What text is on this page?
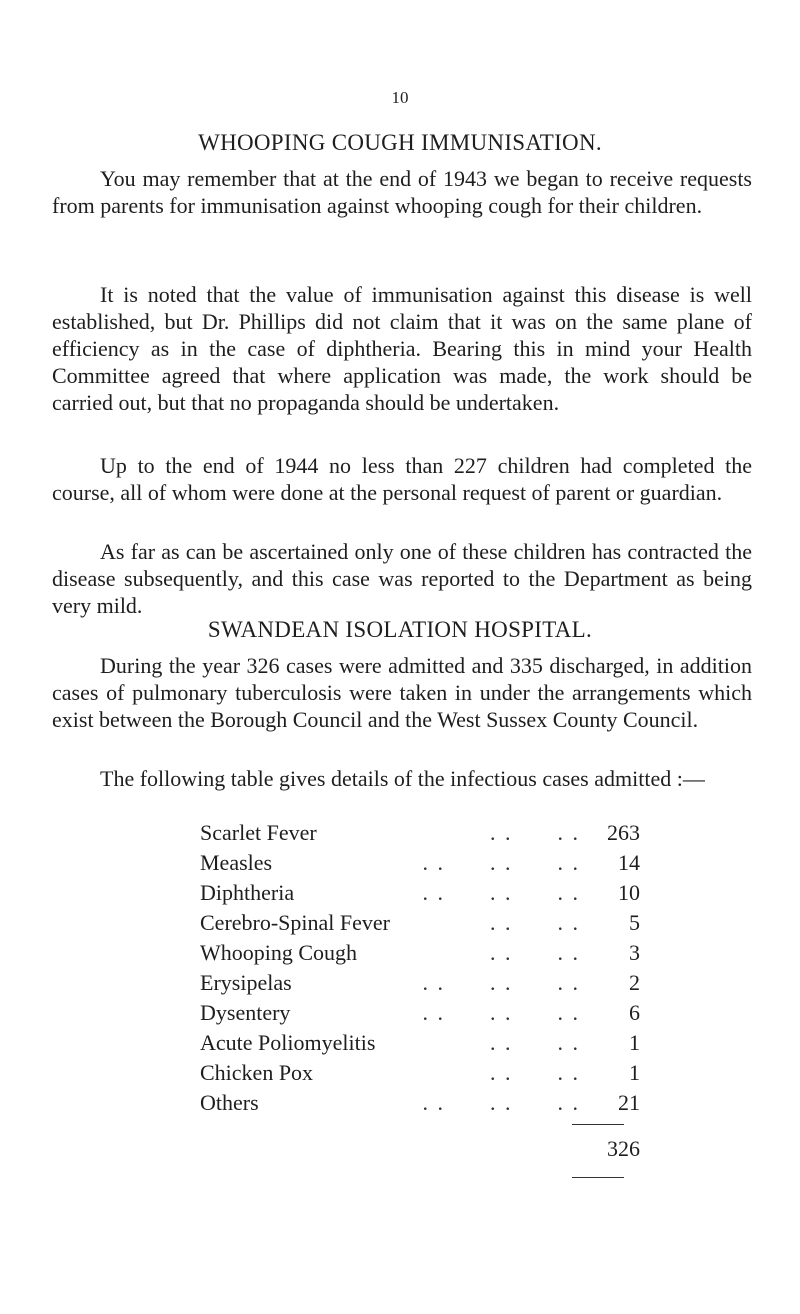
10
WHOOPING COUGH IMMUNISATION.

You may remember that at the end of 1943 we began to receive requests from parents for immunisation against whooping cough for their children.

It is noted that the value of immunisation against this disease is well established, but Dr. Phillips did not claim that it was on the same plane of efficiency as in the case of diphtheria. Bearing this in mind your Health Committee agreed that where application was made, the work should be carried out, but that no propaganda should be undertaken.

Up to the end of 1944 no less than 227 children had completed the course, all of whom were done at the personal request of parent or guardian.

As far as can be ascertained only one of these children has contracted the disease subsequently, and this case was reported to the Department as being very mild.

SWANDEAN ISOLATION HOSPITAL.

During the year 326 cases were admitted and 335 discharged, in addition cases of pulmonary tuberculosis were taken in under the arrangements which exist between the Borough Council and the West Sussex County Council.

The following table gives details of the infectious cases admitted :—

. .      . .
Scarlet Fever	263
. .      . .      . .
Measles	14
. .      . .      . .
Diphtheria	10
. .      . .
Cerebro-Spinal Fever	5
. .      . .
Whooping Cough	3
. .      . .      . .
Erysipelas	2
. .      . .      . .
Dysentery	6
. .      . .
Acute Poliomyelitis	1
. .      . .
Chicken Pox	1
. .      . .      . .
Others	21
326
